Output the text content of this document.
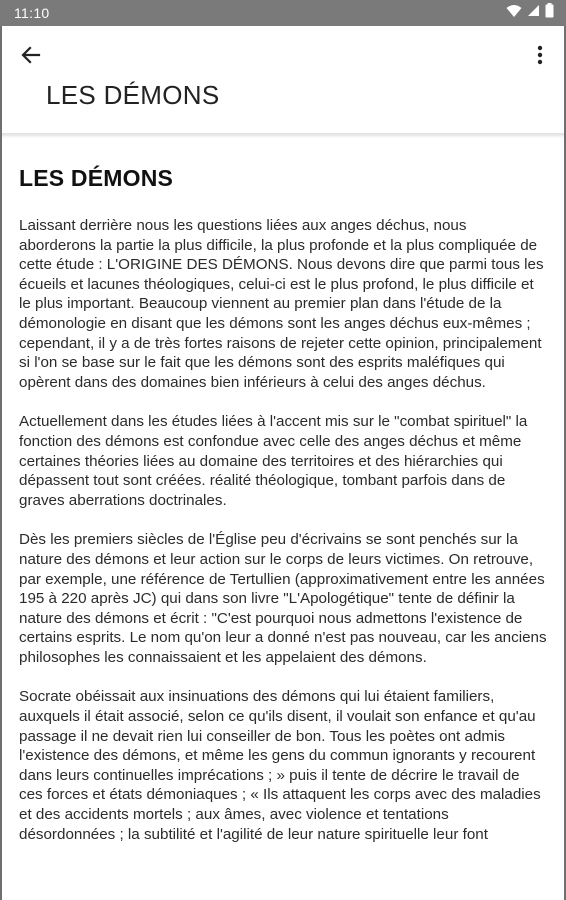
11:10
LES DÉMONS
LES DÉMONS

Laissant derrière nous les questions liées aux anges déchus, nous aborderons la partie la plus difficile, la plus profonde et la plus compliquée de cette étude : L'ORIGINE DES DÉMONS. Nous devons dire que parmi tous les écueils et lacunes théologiques, celui-ci est le plus profond, le plus difficile et le plus important. Beaucoup viennent au premier plan dans l'étude de la démonologie en disant que les démons sont les anges déchus eux-mêmes ; cependant, il y a de très fortes raisons de rejeter cette opinion, principalement si l'on se base sur le fait que les démons sont des esprits maléfiques qui opèrent dans des domaines bien inférieurs à celui des anges déchus.

Actuellement dans les études liées à l'accent mis sur le "combat spirituel" la fonction des démons est confondue avec celle des anges déchus et même certaines théories liées au domaine des territoires et des hiérarchies qui dépassent tout sont créées. réalité théologique, tombant parfois dans de graves aberrations doctrinales.

Dès les premiers siècles de l'Église peu d'écrivains se sont penchés sur la nature des démons et leur action sur le corps de leurs victimes. On retrouve, par exemple, une référence de Tertullien (approximativement entre les années 195 à 220 après JC) qui dans son livre "L'Apologétique" tente de définir la nature des démons et écrit : "C'est pourquoi nous admettons l'existence de certains esprits. Le nom qu'on leur a donné n'est pas nouveau, car les anciens philosophes les connaissaient et les appelaient des démons.

Socrate obéissait aux insinuations des démons qui lui étaient familiers, auxquels il était associé, selon ce qu'ils disent, il voulait son enfance et qu'au passage il ne devait rien lui conseiller de bon. Tous les poètes ont admis l'existence des démons, et même les gens du commun ignorants y recourent dans leurs continuelles imprécations ; » puis il tente de décrire le travail de ces forces et états démoniaques ; « Ils attaquent les corps avec des maladies et des accidents mortels ; aux âmes, avec violence et tentations désordonnées ; la subtilité et l'agilité de leur nature spirituelle leur font
